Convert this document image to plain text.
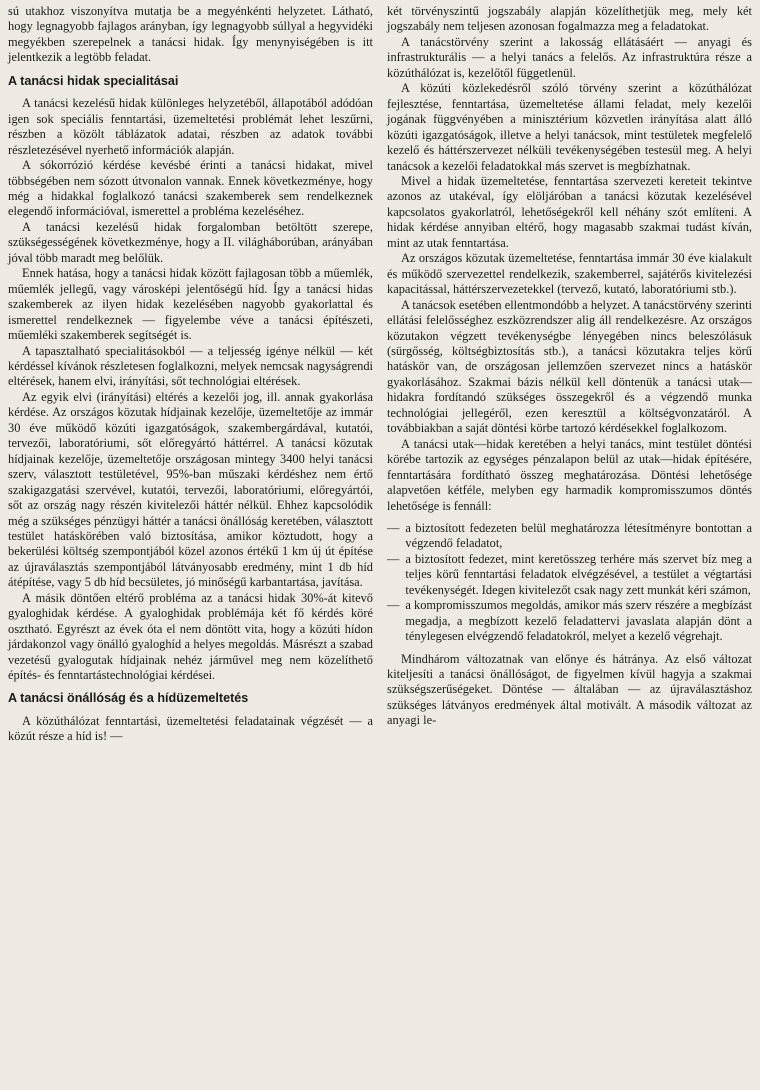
sú utakhoz viszonyítva mutatja be a megyénkénti helyzetet. Látható, hogy legnagyobb fajlagos arányban, így legnagyobb súllyal a hegyvidéki megyékben szerepelnek a tanácsi hidak. Így menynyiségében is itt jelentkezik a legtöbb feladat.

A tanácsi hidak specialitásai

A tanácsi kezelésű hidak különleges helyzetéből, állapotából adódóan igen sok speciális fenntartási, üzemeltetési problémát lehet leszűrni, részben a közölt táblázatok adatai, részben az adatok további részletezésével nyerhető információk alapján.

A sókorrózió kérdése kevésbé érinti a tanácsi hidakat, mivel többségében nem sózott útvonalon vannak. Ennek következménye, hogy még a hidakkal foglalkozó tanácsi szakemberek sem rendelkeznek elegendő információval, ismerettel a probléma kezeléséhez.

A tanácsi kezelésű hidak forgalomban betöltött szerepe, szükségességének következménye, hogy a II. világháborúban, arányában jóval több maradt meg belőlük.

Ennek hatása, hogy a tanácsi hidak között fajlagosan több a műemlék, műemlék jellegű, vagy városképi jelentőségű híd. Így a tanácsi hidas szakemberek az ilyen hidak kezelésében nagyobb gyakorlattal és ismerettel rendelkeznek — figyelembe véve a tanácsi építészeti, műemléki szakemberek segítségét is.

A tapasztalható specialitásokból — a teljesség igénye nélkül — két kérdéssel kívánok részletesen foglalkozni, melyek nemcsak nagyságrendi eltérések, hanem elvi, irányítási, sőt technológiai eltérések.

Az egyik elvi (irányítási) eltérés a kezelői jog, ill. annak gyakorlása kérdése. Az országos közutak hídjainak kezelője, üzemeltetője az immár 30 éve működő közúti igazgatóságok, szakembergárdával, kutatói, tervezői, laboratóriumi, sőt előregyártó háttérrel. A tanácsi közutak hídjainak kezelője, üzemeltetője országosan mintegy 3400 helyi tanácsi szerv, választott testületével, 95%-ban műszaki kérdéshez nem értő szakigazgatási szervével, kutatói, tervezői, laboratóriumi, előregyártói, sőt az ország nagy részén kivitelezői háttér nélkül. Ehhez kapcsolódik még a szükséges pénzügyi háttér a tanácsi önállóság keretében, választott testület hatáskörében való biztosítása, amikor köztudott, hogy a bekerülési költség szempontjából közel azonos értékű 1 km új út építése az újraválasztás szempontjából látványosabb eredmény, mint 1 db híd átépítése, vagy 5 db híd becsületes, jó minőségű karbantartása, javítása.

A másik döntően eltérő probléma az a tanácsi hidak 30%-át kitevő gyaloghidak kérdése. A gyaloghidak problémája két fő kérdés köré osztható. Egyrészt az évek óta el nem döntött vita, hogy a közúti hídon járdakonzol vagy önálló gyaloghíd a helyes megoldás. Másrészt a szabad vezetésű gyalogutak hídjainak nehéz járművel meg nem közelíthető építés- és fenntartástechnológiai kérdései.

A tanácsi önállóság és a hídüzemeltetés

A közúthálózat fenntartási, üzemeltetési feladatainak végzését — a közút része a híd is! —

két törvényszintű jogszabály alapján közelíthetjük meg, mely két jogszabály nem teljesen azonosan fogalmazza meg a feladatokat.

A tanácstörvény szerint a lakosság ellátásáért — anyagi és infrastrukturális — a helyi tanács a felelős. Az infrastruktúra része a közúthálózat is, kezelőtől függetlenül.

A közúti közlekedésről szóló törvény szerint a közúthálózat fejlesztése, fenntartása, üzemeltetése állami feladat, mely kezelői jogának függvényében a minisztérium közvetlen irányítása alatt álló közúti igazgatóságok, illetve a helyi tanácsok, mint testületek megfelelő kezelő és háttérszervezet nélküli tevékenységében testesül meg. A helyi tanácsok a kezelői feladatokkal más szervet is megbízhatnak.

Mivel a hidak üzemeltetése, fenntartása szervezeti kereteit tekintve azonos az utakéval, így elöljáróban a tanácsi közutak kezelésével kapcsolatos gyakorlatról, lehetőségekről kell néhány szót említeni. A hidak kérdése annyiban eltérő, hogy magasabb szakmai tudást kíván, mint az utak fenntartása.

Az országos közutak üzemeltetése, fenntartása immár 30 éve kialakult és működő szervezettel rendelkezik, szakemberrel, sajátérős kivitelezési kapacitással, háttérszervezetekkel (tervező, kutató, laboratóriumi stb.).

A tanácsok esetében ellentmondóbb a helyzet. A tanácstörvény szerinti ellátási felelősséghez eszközrendszer alig áll rendelkezésre. Az országos közutakon végzett tevékenységbe lényegében nincs beleszólásuk (sürgősség, költségbiztosítás stb.), a tanácsi közutakra teljes körű hatáskör van, de országosan jellemzően szervezet nincs a hatáskör gyakorlásához. Szakmai bázis nélkül kell döntenük a tanácsi utak—hidakra fordítandó szükséges összegekről és a végzendő munka technológiai jellegéről, ezen keresztül a költségvonzatáról. A továbbiakban a saját döntési körbe tartozó kérdésekkel foglalkozom.

A tanácsi utak—hidak keretében a helyi tanács, mint testület döntési körébe tartozik az egységes pénzalapon belül az utak—hidak építésére, fenntartására fordítható összeg meghatározása. Döntési lehetősége alapvetően kétféle, melyben egy harmadik kompromisszumos döntés lehetősége is fennáll:

— a biztosított fedezeten belül meghatározza létesítményre bontottan a végzendő feladatot,
— a biztosított fedezet, mint keretösszeg terhére más szervet bíz meg a teljes körű fenntartási feladatok elvégzésével, a testület a végtartási tevékenységét. Idegen kivitelezőt csak nagy zett munkát kéri számon,
— a kompromisszumos megoldás, amikor más szerv részére a megbízást megadja, a megbízott kezelő feladattervi javaslata alapján dönt a ténylegesen elvégzendő feladatokról, melyet a kezelő végrehajt.

Mindhárom változatnak van előnye és hátránya. Az első változat kiteljesíti a tanácsi önállóságot, de figyelmen kívül hagyja a szakmai szükségszerűségeket. Döntése — általában — az újraválasztáshoz szükséges látványos eredmények által motivált. A második változat az anyagi le-
